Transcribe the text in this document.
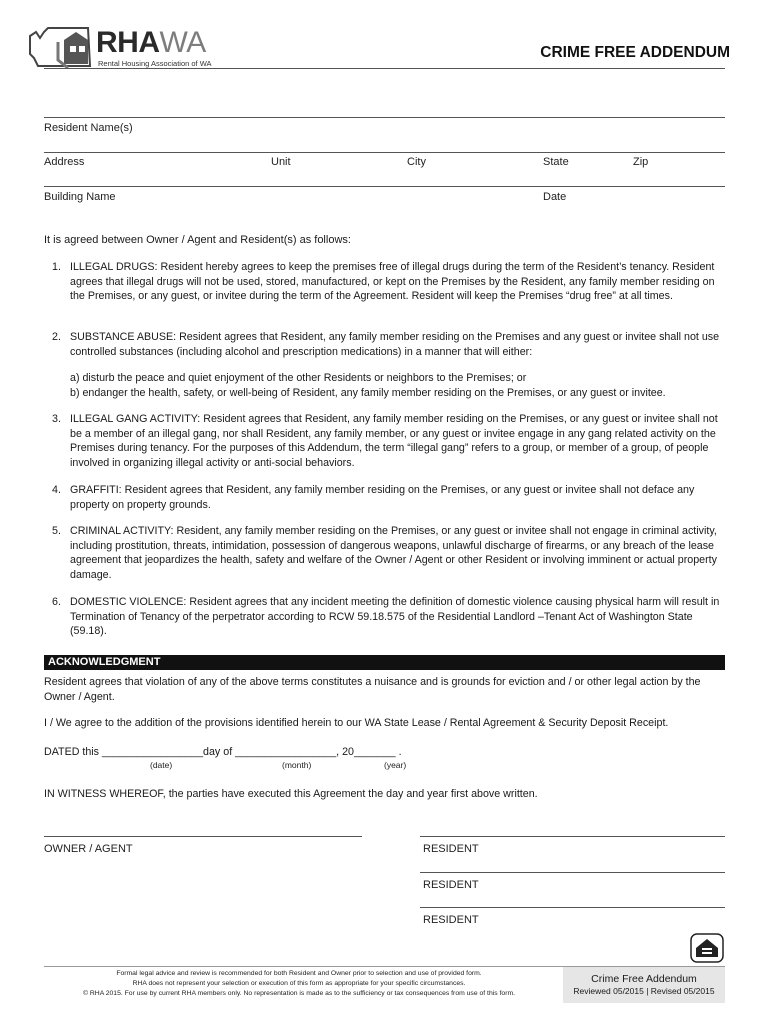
RHAWA
Rental Housing Association of WA
CRIME FREE ADDENDUM
Resident Name(s)
Address	Unit	City	State	Zip
Building Name	Date
It is agreed between Owner / Agent and Resident(s) as follows:
1. ILLEGAL DRUGS: Resident hereby agrees to keep the premises free of illegal drugs during the term of the Resident’s tenancy. Resident agrees that illegal drugs will not be used, stored, manufactured, or kept on the Premises by the Resident, any family member residing on the Premises, or any guest, or invitee during the term of the Agreement. Resident will keep the Premises “drug free” at all times.
2. SUBSTANCE ABUSE: Resident agrees that Resident, any family member residing on the Premises and any guest or invitee shall not use controlled substances (including alcohol and prescription medications) in a manner that will either:
a) disturb the peace and quiet enjoyment of the other Residents or neighbors to the Premises; or
b) endanger the health, safety, or well-being of Resident, any family member residing on the Premises, or any guest or invitee.
3. ILLEGAL GANG ACTIVITY: Resident agrees that Resident, any family member residing on the Premises, or any guest or invitee shall not be a member of an illegal gang, nor shall Resident, any family member, or any guest or invitee engage in any gang related activity on the Premises during tenancy. For the purposes of this Addendum, the term “illegal gang” refers to a group, or member of a group, of people involved in organizing illegal activity or anti-social behaviors.
4. GRAFFITI: Resident agrees that Resident, any family member residing on the Premises, or any guest or invitee shall not deface any property on property grounds.
5. CRIMINAL ACTIVITY: Resident, any family member residing on the Premises, or any guest or invitee shall not engage in criminal activity, including prostitution, threats, intimidation, possession of dangerous weapons, unlawful discharge of firearms, or any breach of the lease agreement that jeopardizes the health, safety and welfare of the Owner / Agent or other Resident or involving imminent or actual property damage.
6. DOMESTIC VIOLENCE: Resident agrees that any incident meeting the definition of domestic violence causing physical harm will result in Termination of Tenancy of the perpetrator according to RCW 59.18.575 of the Residential Landlord –Tenant Act of Washington State (59.18).
ACKNOWLEDGMENT
Resident agrees that violation of any of the above terms constitutes a nuisance and is grounds for eviction and / or other legal action by the Owner / Agent.
I / We agree to the addition of the provisions identified herein to our WA State Lease / Rental Agreement & Security Deposit Receipt.
DATED this _________________day of _________________, 20_______ .
(date)	(month)	(year)
IN WITNESS WHEREOF, the parties have executed this Agreement the day and year first above written.
OWNER / AGENT	RESIDENT
RESIDENT
RESIDENT
Formal legal advice and review is recommended for both Resident and Owner prior to selection and use of provided form.
RHA does not represent your selection or execution of this form as appropriate for your specific circumstances.
© RHA 2015. For use by current RHA members only. No representation is made as to the sufficiency or tax consequences from use of this form.
Crime Free Addendum
Reviewed 05/2015 | Revised 05/2015
